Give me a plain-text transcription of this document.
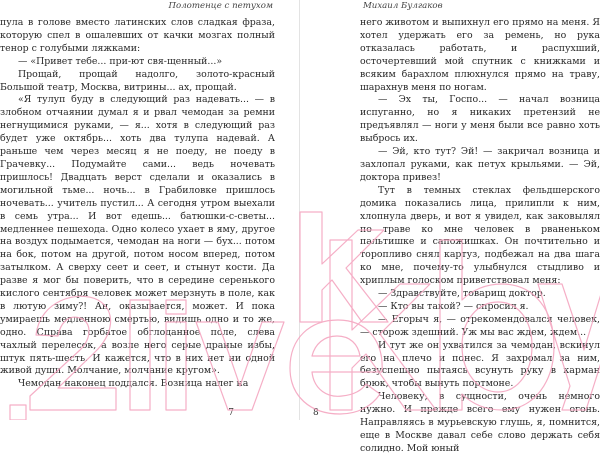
Полотенце с петухом

пула в голове вместо латинских слов сладкая фраза, которую спел в ошалевших от качки мозгах полный тенор с голубыми ляжками:

— «Привет тебе... при-ют свя-щенный...»

Прощай, прощай надолго, золото-красный Большой театр, Москва, витрины... ах, прощай.

«Я тулуп буду в следующий раз надевать... — в злобном отчаянии думал я и рвал чемодан за ремни негнущимися руками, — я... хотя в следующий раз будет уже октябрь... хоть два тулупа надевай. А раньше чем через месяц я не поеду, не поеду в Грачевку... Подумайте сами... ведь ночевать пришлось! Двадцать верст сделали и оказались в могильной тьме... ночь... в Грабиловке пришлось ночевать... учитель пустил... А сегодня утром выехали в семь утра... И вот едешь... батюшки-с-светы... медленнее пешехода. Одно колесо ухает в яму, другое на воздух подымается, чемодан на ноги — бух... потом на бок, потом на другой, потом носом вперед, потом затылком. А сверху сеет и сеет, и стынут кости. Да разве я мог бы поверить, что в середине серенького кислого сентября человек может мерзнуть в поле, как в лютую зиму?! Ан, оказывается, может. И пока умираешь медленною смертью, видишь одно и то же, одно. Справа горбатое обглоданное поле, слева чахлый перелесок, а возле него серые драные избы, штук пять-шесть. И кажется, что в них нет ни одной живой души. Молчание, молчание кругом».

Чемодан наконец поддался. Возница налег на

7
Михаил Булгаков

него животом и выпихнул его прямо на меня. Я хотел удержать его за ремень, но рука отказалась работать, и распухший, осточертевший мой спутник с книжками и всяким барахлом плюхнулся прямо на траву, шарахнув меня по ногам.

— Эх ты, Госпо... — начал возница испуганно, но я никаких претензий не предъявлял — ноги у меня были все равно хоть выбрось их.

— Эй, кто тут? Эй! — закричал возница и захлопал руками, как петух крыльями. — Эй, доктора привез!

Тут в темных стеклах фельдшерского домика показались лица, прилипли к ним, хлопнула дверь, и вот я увидел, как заковылял по траве ко мне человек в рваненьком пальтишке и сапожишках. Он почтительно и торопливо снял картуз, подбежал на два шага ко мне, почему-то улыбнулся стыдливо и хриплым голоском приветствовал меня:

— Здравствуйте, товарищ доктор.

— Кто вы такой? — спросил я.

— Егорыч я, — отрекомендовался человек, — сторож здешний. Уж мы вас ждем, ждем...

И тут же он ухватился за чемодан, вскинул его на плечо и понес. Я захромал за ним, безуспешно пытаясь всунуть руку в карман брюк, чтобы вынуть портмоне.

Человеку, в сущности, очень немного нужно. И прежде всего ему нужен огонь. Направляясь в мурьевскую глушь, я, помнится, еще в Москве давал себе слово держать себя солидно. Мой юный

8
